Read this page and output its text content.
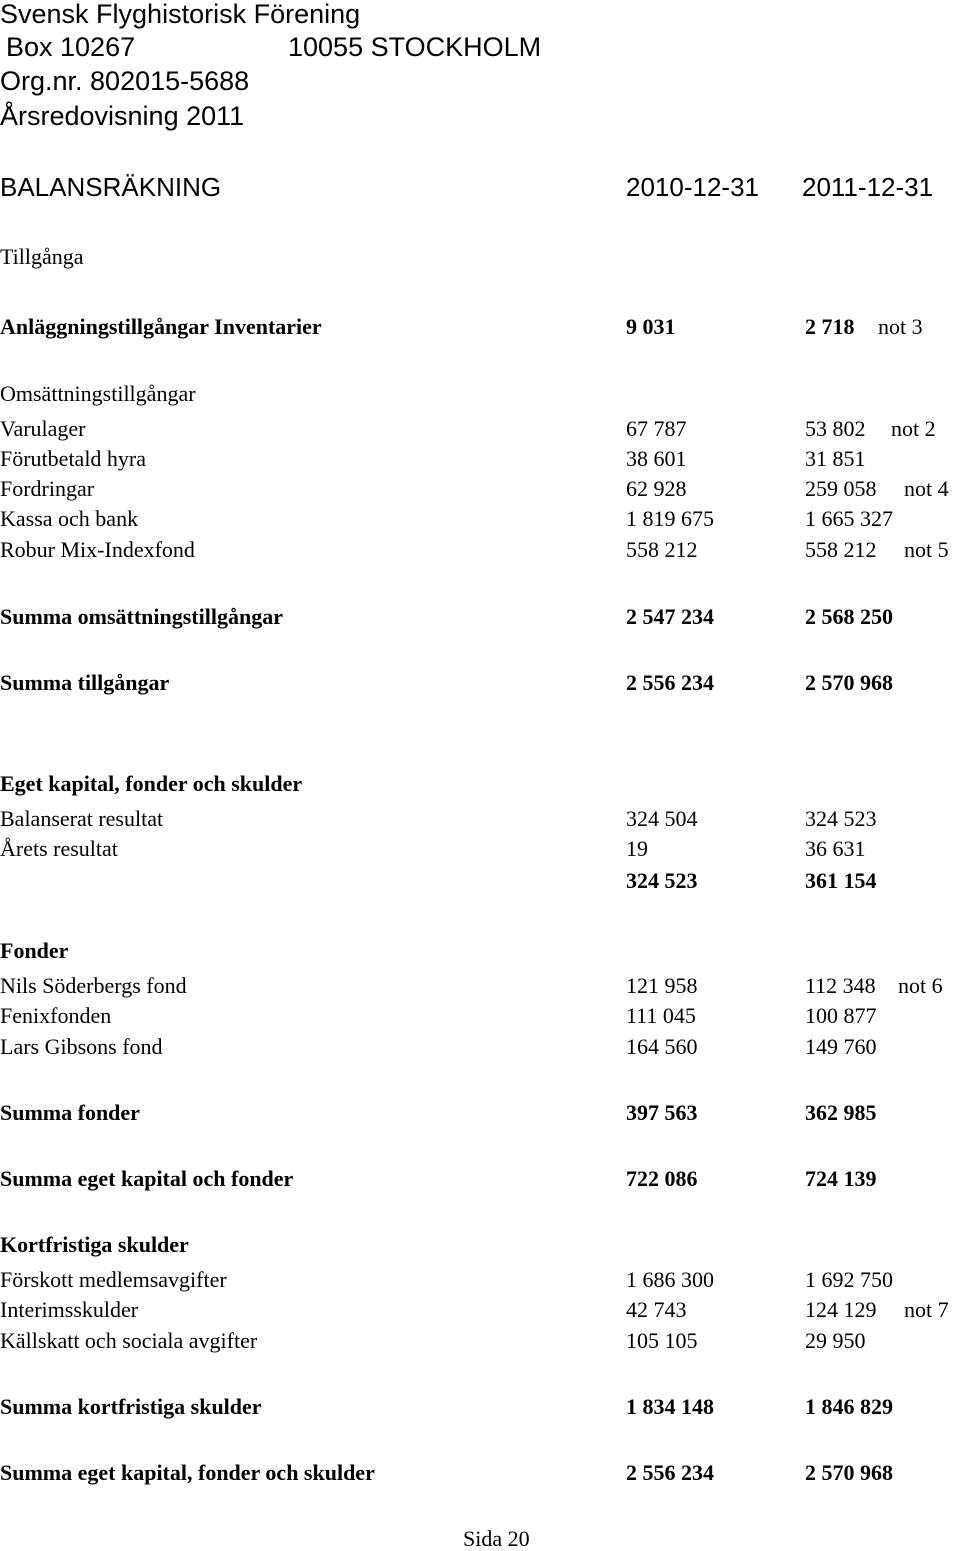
Svensk Flyghistorisk Förening
Box 10267	10055 STOCKHOLM
Org.nr. 802015-5688
Årsredovisning 2011
BALANSRÄKNING	2010-12-31 2011-12-31
Tillgånga
Anläggningstillgångar Inventarier	9 031	2 718 not 3
Omsättningstillgångar
Varulager	67 787	53 802 not 2
Förutbetald hyra	38 601	31 851
Fordringar	62 928	259 058 not 4
Kassa och bank	1 819 675	1 665 327
Robur Mix-Indexfond	558 212	558 212 not 5
Summa omsättningstillgångar	2 547 234	2 568 250
Summa tillgångar	2 556 234	2 570 968
Eget kapital, fonder och skulder
Balanserat resultat	324 504	324 523
Årets resultat	19	36 631
324 523	361 154
Fonder
Nils Söderbergs fond	121 958	112 348 not 6
Fenixfonden	111 045	100 877
Lars Gibsons fond	164 560	149 760
Summa fonder	397 563	362 985
Summa eget kapital och fonder	722 086	724 139
Kortfristiga skulder
Förskott medlemsavgifter	1 686 300	1 692 750
Interimsskulder	42 743	124 129 not 7
Källskatt och sociala avgifter	105 105	29 950
Summa kortfristiga skulder	1 834 148	1 846 829
Summa eget kapital, fonder och skulder	2 556 234	2 570 968
Sida 20
